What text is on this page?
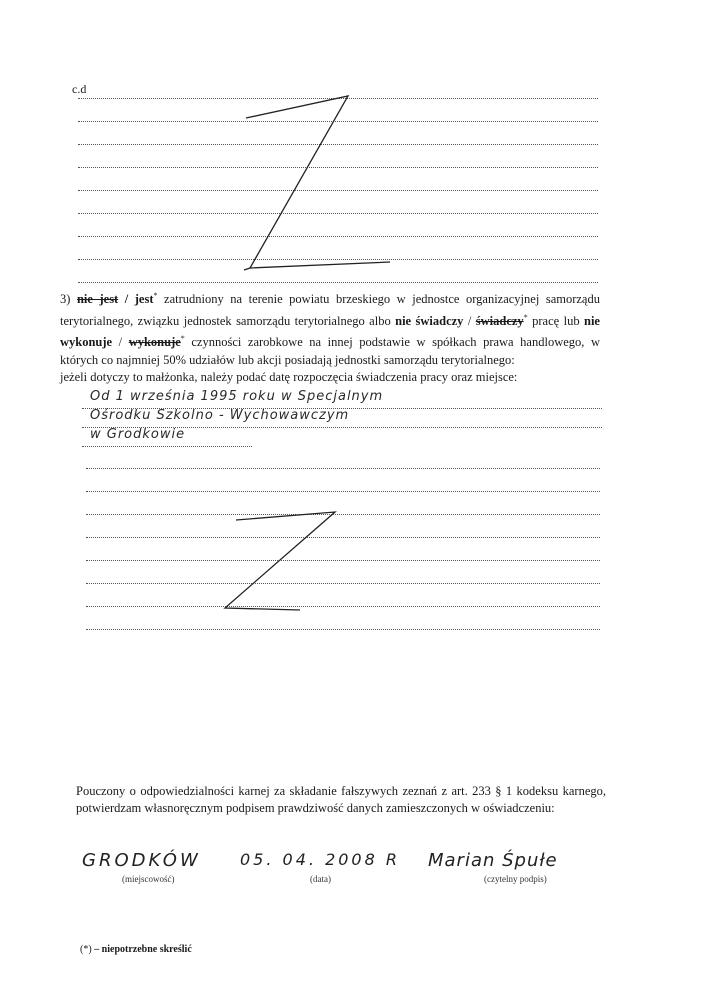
c.d
3) nie jest / jest* zatrudniony na terenie powiatu brzeskiego w jednostce organizacyjnej samorządu terytorialnego, związku jednostek samorządu terytorialnego albo nie świadczy / świadczy* pracę lub nie wykonuje / wykonuje* czynności zarobkowe na innej podstawie w spółkach prawa handlowego, w których co najmniej 50% udziałów lub akcji posiadają jednostki samorządu terytorialnego:
jeżeli dotyczy to małżonka, należy podać datę rozpoczęcia świadczenia pracy oraz miejsce:
Od 1 września 1995 roku w Specjalnym
Ośrodku Szkolno - Wychowawczym
w Grodkowie
Pouczony o odpowiedzialności karnej za składanie fałszywych zeznań z art. 233 § 1 kodeksu karnego, potwierdzam własnoręcznym podpisem prawdziwość danych zamieszczonych w oświadczeniu:
GRODKÓW
(miejscowość)
05. 04. 2008 R
(data)
Marian Śpułe
(czytelny podpis)
(*) – niepotrzebne skreślić
